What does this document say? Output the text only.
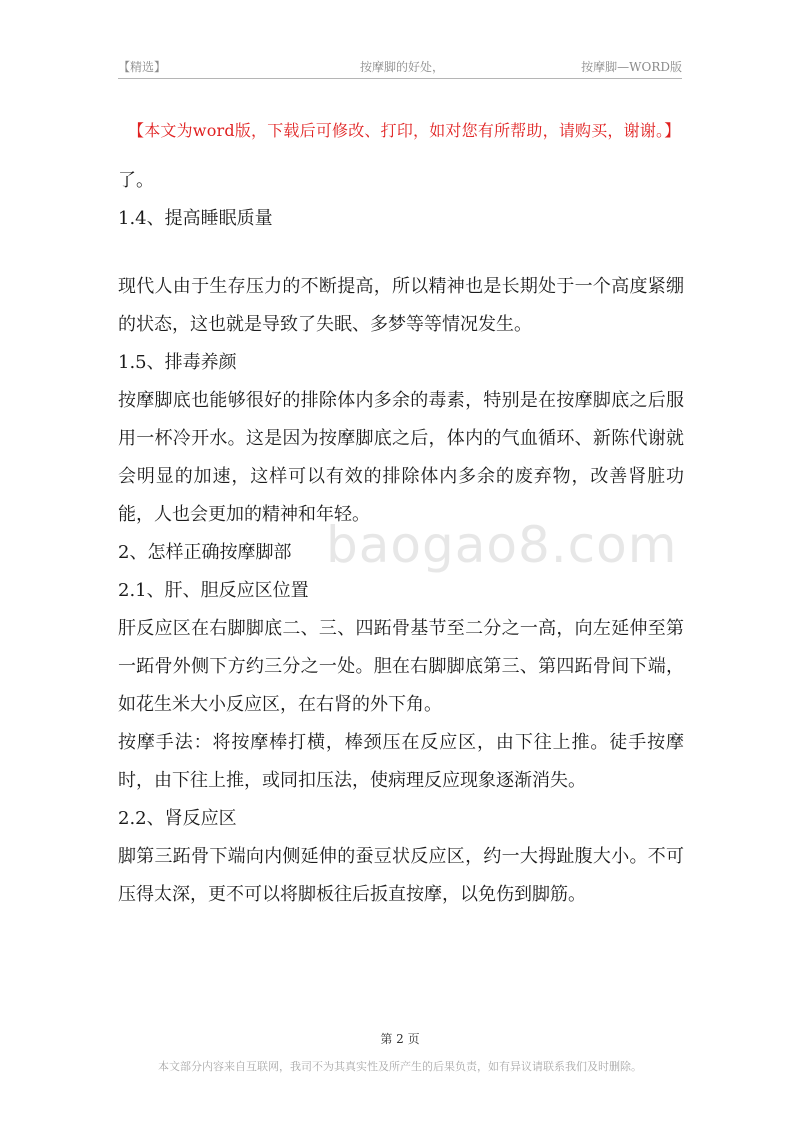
【精选】	按摩脚的好处，	按摩脚—WORD版
【本文为word版，下载后可修改、打印，如对您有所帮助，请购买，谢谢。】
baogao8.com

了。

1.4、提高睡眠质量

现代人由于生存压力的不断提高，所以精神也是长期处于一个高度紧绷的状态，这也就是导致了失眠、多梦等等情况发生。

1.5、排毒养颜

按摩脚底也能够很好的排除体内多余的毒素，特别是在按摩脚底之后服用一杯冷开水。这是因为按摩脚底之后，体内的气血循环、新陈代谢就会明显的加速，这样可以有效的排除体内多余的废弃物，改善肾脏功能，人也会更加的精神和年轻。

2、怎样正确按摩脚部

2.1、肝、胆反应区位置

肝反应区在右脚脚底二、三、四跖骨基节至二分之一高，向左延伸至第一跖骨外侧下方约三分之一处。胆在右脚脚底第三、第四跖骨间下端，如花生米大小反应区，在右肾的外下角。

按摩手法：将按摩棒打横，棒颈压在反应区，由下往上推。徒手按摩时，由下往上推，或同扣压法，使病理反应现象逐渐消失。

2.2、肾反应区

脚第三跖骨下端向内侧延伸的蚕豆状反应区，约一大拇趾腹大小。不可压得太深，更不可以将脚板往后扳直按摩，以免伤到脚筋。

第 2 页
本文部分内容来自互联网，我司不为其真实性及所产生的后果负责，如有异议请联系我们及时删除。
